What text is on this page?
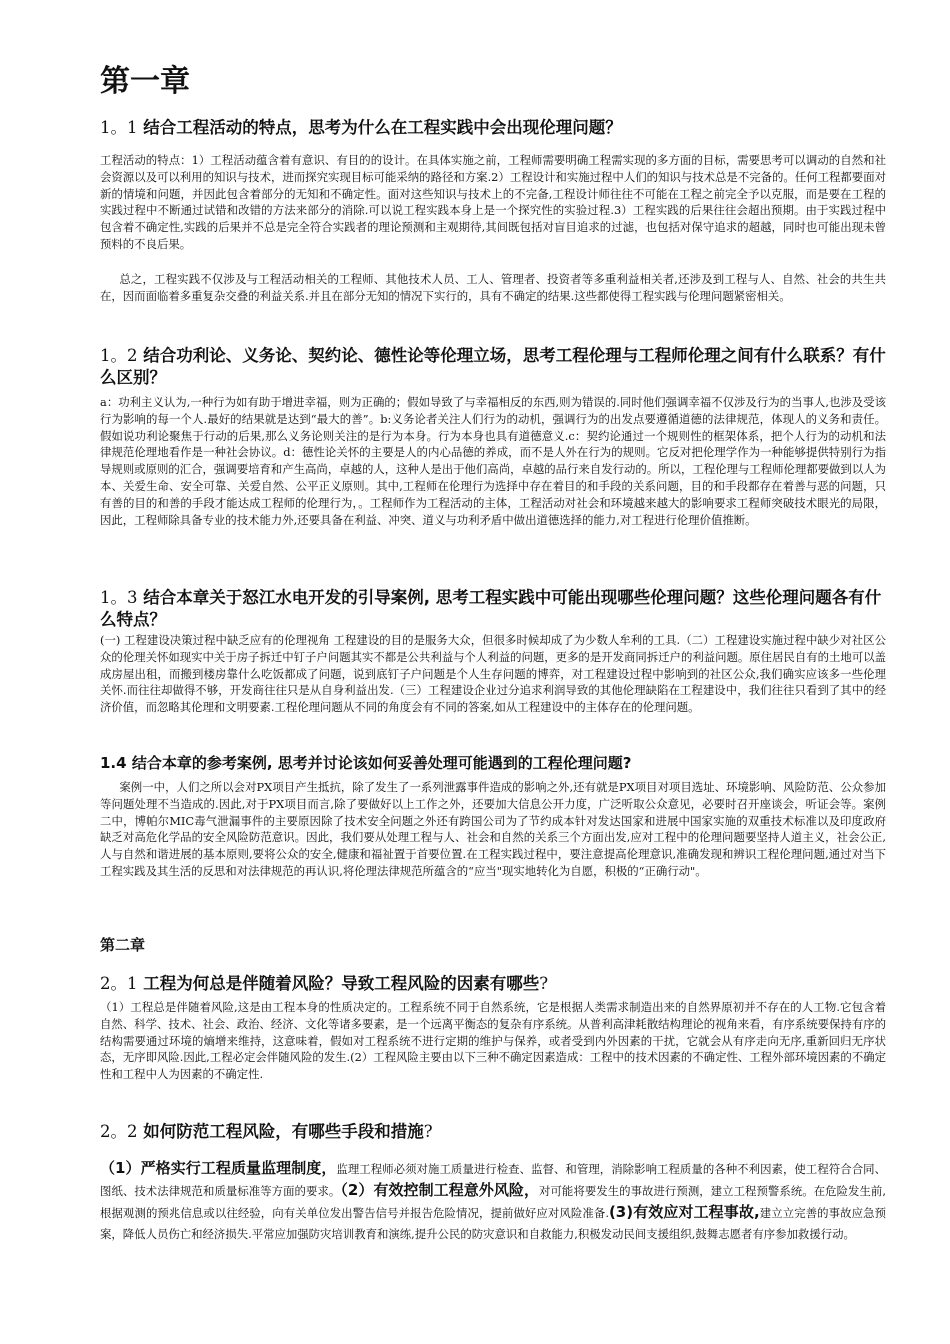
第一章
1。1 结合工程活动的特点，思考为什么在工程实践中会出现伦理问题？
工程活动的特点：1）工程活动蕴含着有意识、有目的的设计。在具体实施之前，工程师需要明确工程需实现的多方面的目标，需要思考可以调动的自然和社会资源以及可以利用的知识与技术，进而探究实现目标可能采纳的路径和方案.2）工程设计和实施过程中人们的知识与技术总是不完备的。任何工程都要面对新的情境和问题，并因此包含着部分的无知和不确定性。面对这些知识与技术上的不完备,工程设计师往往不可能在工程之前完全予以克服，而是要在工程的实践过程中不断通过试错和改错的方法来部分的消除.可以说工程实践本身上是一个探究性的实验过程.3）工程实践的后果往往会超出预期。由于实践过程中包含着不确定性,实践的后果并不总是完全符合实践者的理论预测和主观期待,其间既包括对盲目追求的过滤，也包括对保守追求的超越，同时也可能出现未曾预料的不良后果。
总之，工程实践不仅涉及与工程活动相关的工程师、其他技术人员、工人、管理者、投资者等多重利益相关者,还涉及到工程与人、自然、社会的共生共在，因而面临着多重复杂交叠的利益关系.并且在部分无知的情况下实行的，具有不确定的结果.这些都使得工程实践与伦理问题紧密相关。
1。2 结合功利论、义务论、契约论、德性论等伦理立场，思考工程伦理与工程师伦理之间有什么联系？有什么区别？
a：功利主义认为,一种行为如有助于增进幸福，则为正确的；假如导致了与幸福相反的东西,则为错误的.同时他们强调幸福不仅涉及行为的当事人,也涉及受该行为影响的每一个人.最好的结果就是达到“最大的善”。b:义务论者关注人们行为的动机，强调行为的出发点要遵循道德的法律规范，体现人的义务和责任。假如说功利论聚焦于行动的后果,那么义务论则关注的是行为本身。行为本身也具有道德意义.c：契约论通过一个规则性的框架体系，把个人行为的动机和法律规范伦理地看作是一种社会协议。d：德性论关怀的主要是人的内心品德的养成，而不是人外在行为的规则。它反对把伦理学作为一种能够提供特别行为指导规则或原则的汇合，强调要培育和产生高尚，卓越的人，这种人是出于他们高尚，卓越的品行来自发行动的。所以，工程伦理与工程师伦理都要做到以人为本、关爱生命、安全可靠、关爱自然、公平正义原则。其中,工程师在伦理行为选择中存在着目的和手段的关系问题，目的和手段都存在着善与恶的问题，只有善的目的和善的手段才能达成工程师的伦理行为，。工程师作为工程活动的主体，工程活动对社会和环境越来越大的影响要求工程师突破技术眼光的局限，因此，工程师除具备专业的技术能力外,还要具备在利益、冲突、道义与功利矛盾中做出道德选择的能力,对工程进行伦理价值推断。
1。3 结合本章关于怒江水电开发的引导案例, 思考工程实践中可能出现哪些伦理问题？这些伦理问题各有什么特点？
(一) 工程建设决策过程中缺乏应有的伦理视角 工程建设的目的是服务大众，但很多时候却成了为少数人牟利的工具.（二）工程建设实施过程中缺少对社区公众的伦理关怀如现实中关于房子拆迁中钉子户问题其实不都是公共利益与个人利益的问题，更多的是开发商同拆迁户的利益问题。原住居民自有的土地可以盖成房屋出租，而搬到楼房靠什么吃饭都成了问题，说到底钉子户问题是个人生存问题的博弈，对工程建设过程中影响到的社区公众,我们确实应该多一些伦理关怀.而往往却做得不够，开发商往往只是从自身利益出发.（三）工程建设企业过分追求利润导致的其他伦理缺陷在工程建设中，我们往往只看到了其中的经济价值，而忽略其伦理和文明要素.工程伦理问题从不同的角度会有不同的答案,如从工程建设中的主体存在的伦理问题。
1.4 结合本章的参考案例, 思考并讨论该如何妥善处理可能遇到的工程伦理问题?
案例一中，人们之所以会对PX项目产生抵抗，除了发生了一系列泄露事件造成的影响之外,还有就是PX项目对项目选址、环境影响、风险防范、公众参加等问题处理不当造成的.因此,对于PX项目而言,除了要做好以上工作之外，还要加大信息公开力度，广泛听取公众意见，必要时召开座谈会，听证会等。案例二中，博帕尔MIC毒气泄漏事件的主要原因除了技术安全问题之外还有跨国公司为了节约成本针对发达国家和进展中国家实施的双重技术标准以及印度政府缺乏对高危化学品的安全风险防范意识。因此，我们要从处理工程与人、社会和自然的关系三个方面出发,应对工程中的伦理问题要坚持人道主义，社会公正,人与自然和谐进展的基本原则,要将公众的安全,健康和福祉置于首要位置.在工程实践过程中，要注意提高伦理意识,准确发现和辨识工程伦理问题,通过对当下工程实践及其生活的反思和对法律规范的再认识,将伦理法律规范所蕴含的“应当"现实地转化为自愿，积极的“正确行动"。
第二章
2。1 工程为何总是伴随着风险？导致工程风险的因素有哪些?
（1）工程总是伴随着风险,这是由工程本身的性质决定的。工程系统不同于自然系统，它是根据人类需求制造出来的自然界原初并不存在的人工物.它包含着自然、科学、技术、社会、政治、经济、文化等诸多要素，是一个远离平衡态的复杂有序系统。从普利高津耗散结构理论的视角来看，有序系统要保持有序的结构需要通过环境的熵增来维持，这意味着，假如对工程系统不进行定期的维护与保养，或者受到内外因素的干扰，它就会从有序走向无序,重新回归无序状态，无序即风险.因此,工程必定会伴随风险的发生.(2）工程风险主要由以下三种不确定因素造成：工程中的技术因素的不确定性、工程外部环境因素的不确定性和工程中人为因素的不确定性.
2。2 如何防范工程风险，有哪些手段和措施?
（1）严格实行工程质量监理制度，监理工程师必须对施工质量进行检查、监督、和管理，消除影响工程质量的各种不利因素，使工程符合合同、图纸、技术法律规范和质量标准等方面的要求。（2）有效控制工程意外风险，对可能将要发生的事故进行预测，建立工程预警系统。在危险发生前,根据观测的预兆信息或以往经验，向有关单位发出警告信号并报告危险情况，提前做好应对风险准备.(3)有效应对工程事故,建立立完善的事故应急预案，降低人员伤亡和经济损失.平常应加强防灾培训教育和演练,提升公民的防灾意识和自救能力,积极发动民间支援组织,鼓舞志愿者有序参加救援行动。
